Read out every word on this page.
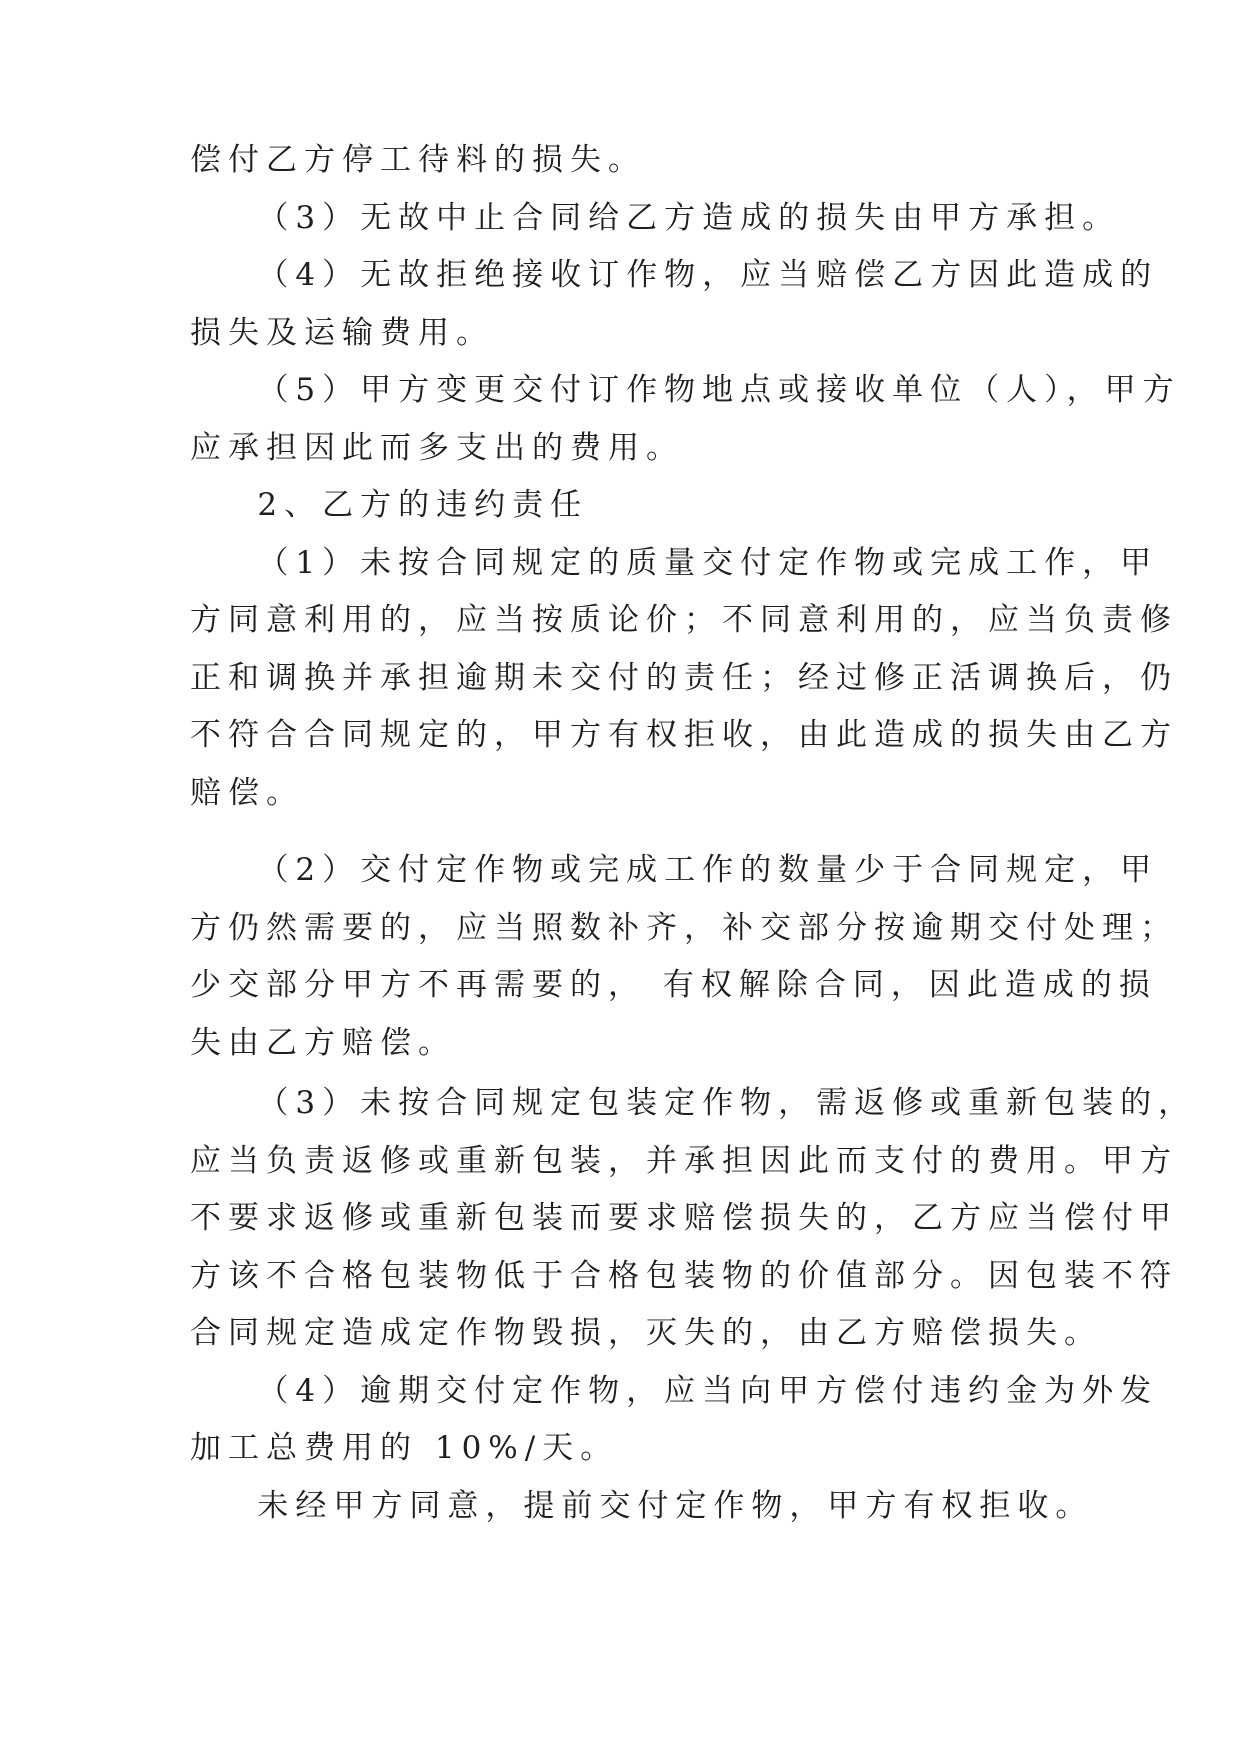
偿付乙方停工待料的损失。
（3）无故中止合同给乙方造成的损失由甲方承担。
（4）无故拒绝接收订作物，应当赔偿乙方因此造成的
损失及运输费用。
（5）甲方变更交付订作物地点或接收单位（人），甲方
应承担因此而多支出的费用。
2、乙方的违约责任
（1）未按合同规定的质量交付定作物或完成工作，甲
方同意利用的，应当按质论价；不同意利用的，应当负责修
正和调换并承担逾期未交付的责任；经过修正活调换后，仍
不符合合同规定的，甲方有权拒收，由此造成的损失由乙方
赔偿。
（2）交付定作物或完成工作的数量少于合同规定，甲
方仍然需要的，应当照数补齐，补交部分按逾期交付处理；
少交部分甲方不再需要的， 有权解除合同，因此造成的损
失由乙方赔偿。
（3）未按合同规定包装定作物，需返修或重新包装的，
应当负责返修或重新包装，并承担因此而支付的费用。甲方
不要求返修或重新包装而要求赔偿损失的，乙方应当偿付甲
方该不合格包装物低于合格包装物的价值部分。因包装不符
合同规定造成定作物毁损，灭失的，由乙方赔偿损失。
（4）逾期交付定作物，应当向甲方偿付违约金为外发
加工总费用的 10%/天。
未经甲方同意，提前交付定作物，甲方有权拒收。
